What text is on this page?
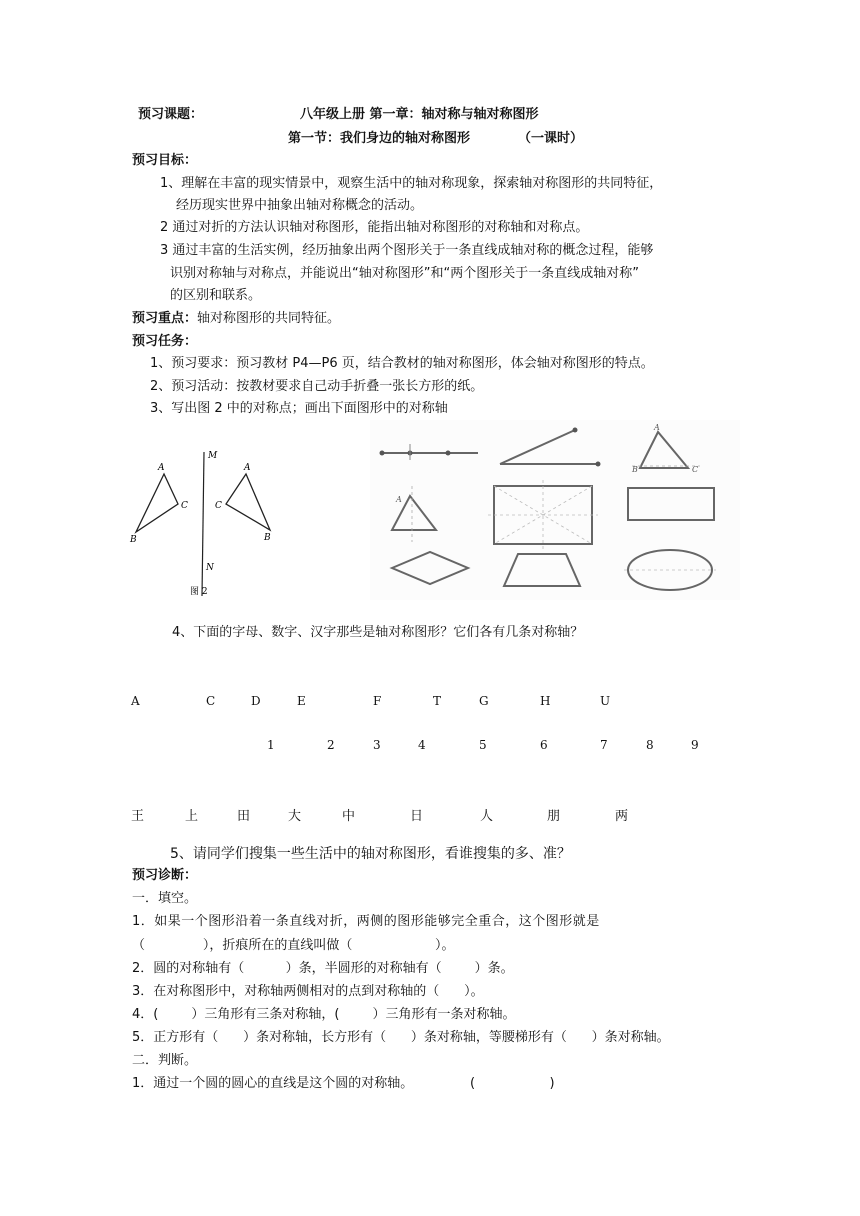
预习课题：	八年级上册 第一章：轴对称与轴对称图形
第一节：我们身边的轴对称图形	（一课时）
预习目标：
1、理解在丰富的现实情景中，观察生活中的轴对称现象，探索轴对称图形的共同特征，
经历现实世界中抽象出轴对称概念的活动。
2 通过对折的方法认识轴对称图形，能指出轴对称图形的对称轴和对称点。
3 通过丰富的生活实例，经历抽象出两个图形关于一条直线成轴对称的概念过程，能够
识别对称轴与对称点，并能说出“轴对称图形”和“两个图形关于一条直线成轴对称”
的区别和联系。
预习重点：轴对称图形的共同特征。
预习任务：
1、预习要求：预习教材 P4—P6 页，结合教材的轴对称图形，体会轴对称图形的特点。
2、预习活动：按教材要求自己动手折叠一张长方形的纸。
3、写出图 2 中的对称点；画出下面图形中的对称轴
A
B
C
M
N
A
B
C
图 2
A
B	C
A
4、下面的字母、数字、汉字那些是轴对称图形？它们各有几条对称轴？
A	C	D	E	F	T	G	H	U
1	2	3	4	5	6	7	8	9
王	上	田	大	中	日	人	朋	两
5、请同学们搜集一些生活中的轴对称图形，看谁搜集的多、准？
预习诊断：
一．填空。
1．如果一个图形沿着一条直线对折，两侧的图形能够完全重合，这个图形就是
（              ），折痕所在的直线叫做（                    ）。
2．圆的对称轴有（          ）条，半圆形的对称轴有（        ）条。
3．在对称图形中，对称轴两侧相对的点到对称轴的（      ）。
4．(        ）三角形有三条对称轴，(        ）三角形有一条对称轴。
5．正方形有（      ）条对称轴，长方形有（      ）条对称轴，等腰梯形有（      ）条对称轴。
二．判断。
1．通过一个圆的圆心的直线是这个圆的对称轴。	(                  )
